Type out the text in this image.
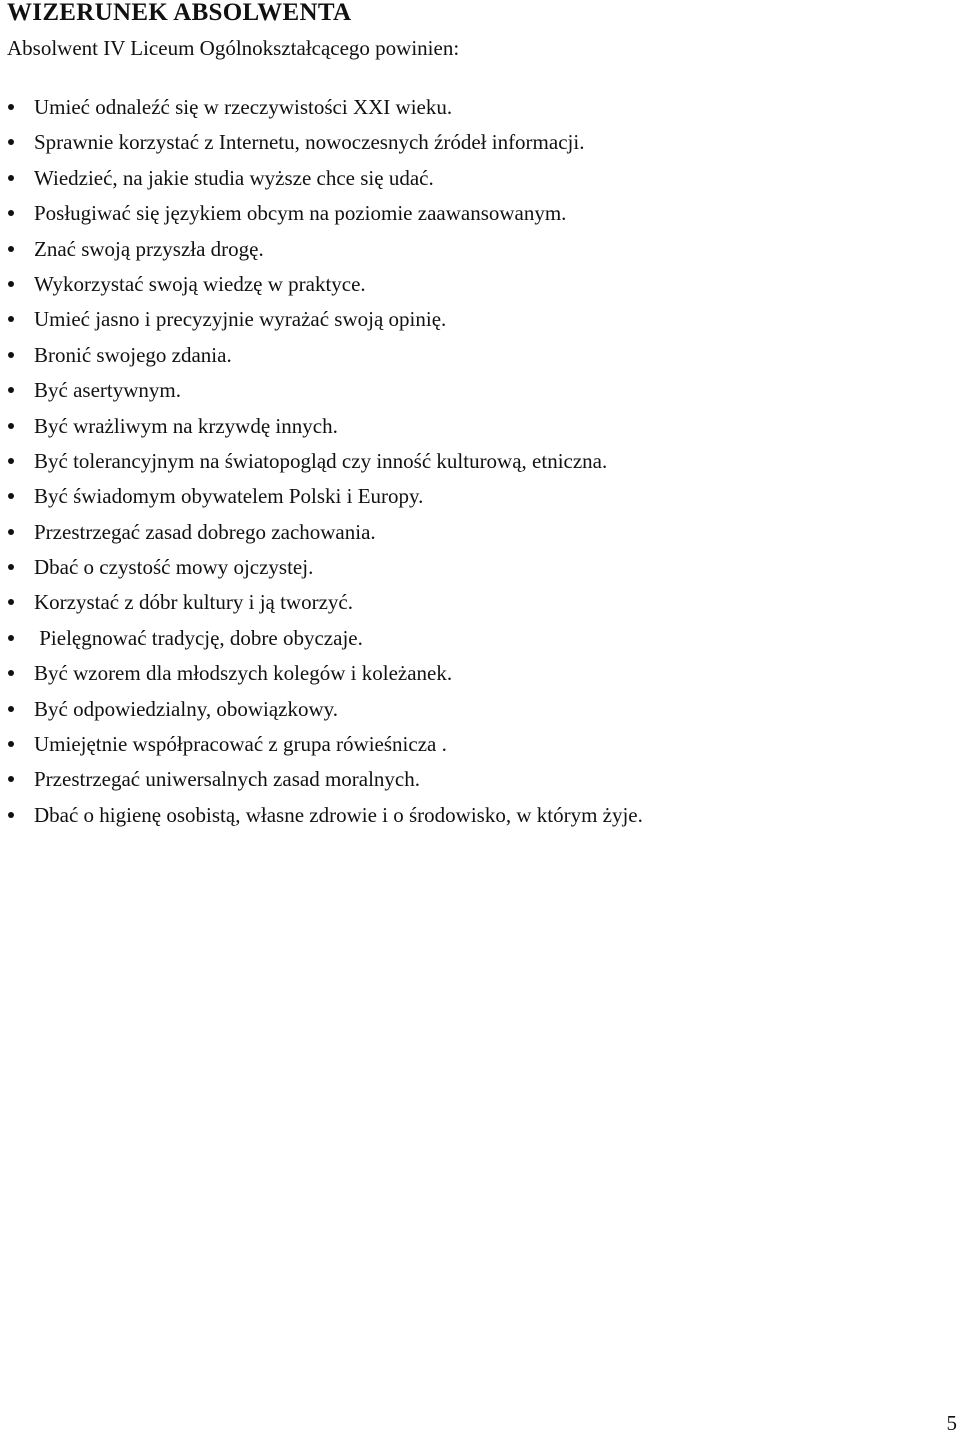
WIZERUNEK ABSOLWENTA

Absolwent IV Liceum Ogólnokształcącego powinien:

Umieć odnaleźć się w rzeczywistości XXI wieku.
Sprawnie korzystać z Internetu, nowoczesnych źródeł informacji.
Wiedzieć, na jakie studia wyższe chce się udać.
Posługiwać się językiem obcym na poziomie zaawansowanym.
Znać swoją przyszła drogę.
Wykorzystać swoją wiedzę w praktyce.
Umieć jasno i precyzyjnie wyrażać swoją opinię.
Bronić swojego zdania.
Być asertywnym.
Być wrażliwym na krzywdę innych.
Być tolerancyjnym na światopogląd czy inność kulturową, etniczna.
Być świadomym obywatelem Polski i Europy.
Przestrzegać zasad dobrego zachowania.
Dbać o czystość mowy ojczystej.
Korzystać z dóbr kultury i ją tworzyć.
Pielęgnować tradycję, dobre obyczaje.
Być wzorem dla młodszych kolegów i koleżanek.
Być odpowiedzialny, obowiązkowy.
Umiejętnie współpracować z grupa rówieśnicza .
Przestrzegać uniwersalnych zasad moralnych.
Dbać o higienę osobistą, własne zdrowie i o środowisko, w którym żyje.
5
